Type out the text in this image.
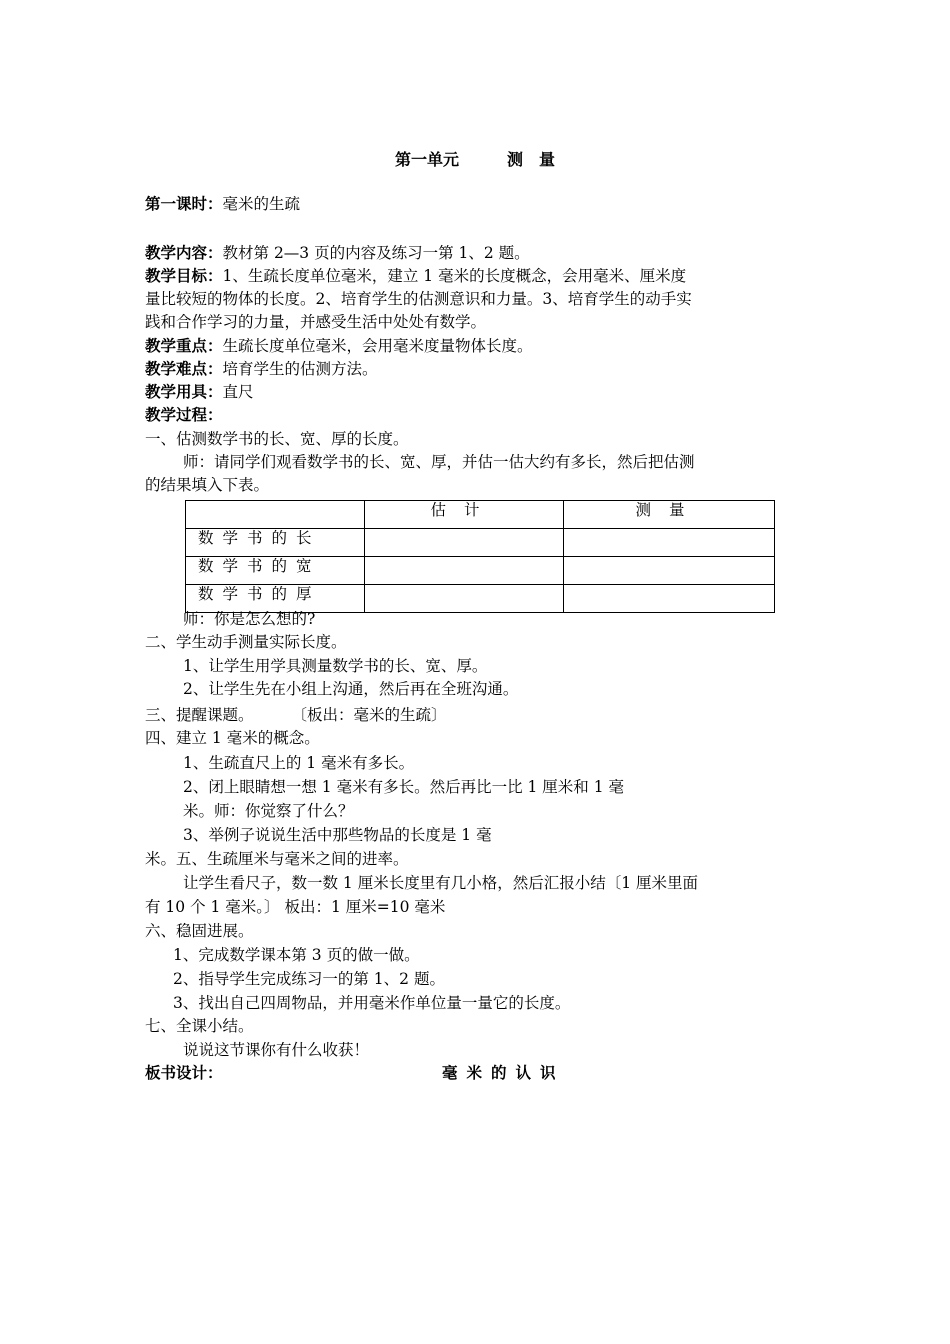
第一单元	测　量
第一课时：毫米的生疏
教学内容：教材第 2—3 页的内容及练习一第 1、2 题。
教学目标：1、生疏长度单位毫米，建立 1 毫米的长度概念，会用毫米、厘米度
量比较短的物体的长度。2、培育学生的估测意识和力量。3、培育学生的动手实
践和合作学习的力量，并感受生活中处处有数学。
教学重点：生疏长度单位毫米，会用毫米度量物体长度。
教学难点：培育学生的估测方法。
教学用具：直尺
教学过程：
一、估测数学书的长、宽、厚的长度。
师：请同学们观看数学书的长、宽、厚，并估一估大约有多长，然后把估测
的结果填入下表。
	估计	测量
数学书的长		
数学书的宽		
数学书的厚		
师：你是怎么想的?
二、学生动手测量实际长度。
1、让学生用学具测量数学书的长、宽、厚。
2、让学生先在小组上沟通，然后再在全班沟通。
三、提醒课题。 〔板出：毫米的生疏〕
四、建立 1 毫米的概念。
1、生疏直尺上的 1 毫米有多长。
2、闭上眼睛想一想 1 毫米有多长。然后再比一比 1 厘米和 1 毫
米。师：你觉察了什么？
3、举例子说说生活中那些物品的长度是 1 毫
米。五、生疏厘米与毫米之间的进率。
让学生看尺子，数一数 1 厘米长度里有几小格，然后汇报小结〔1 厘米里面
有 10 个 1 毫米。〕 板出：1 厘米=10 毫米
六、稳固进展。
1、完成数学课本第 3 页的做一做。
2、指导学生完成练习一的第 1、2 题。
3、找出自己四周物品，并用毫米作单位量一量它的长度。
七、全课小结。
说说这节课你有什么收获！
板书设计：	毫米的认识
